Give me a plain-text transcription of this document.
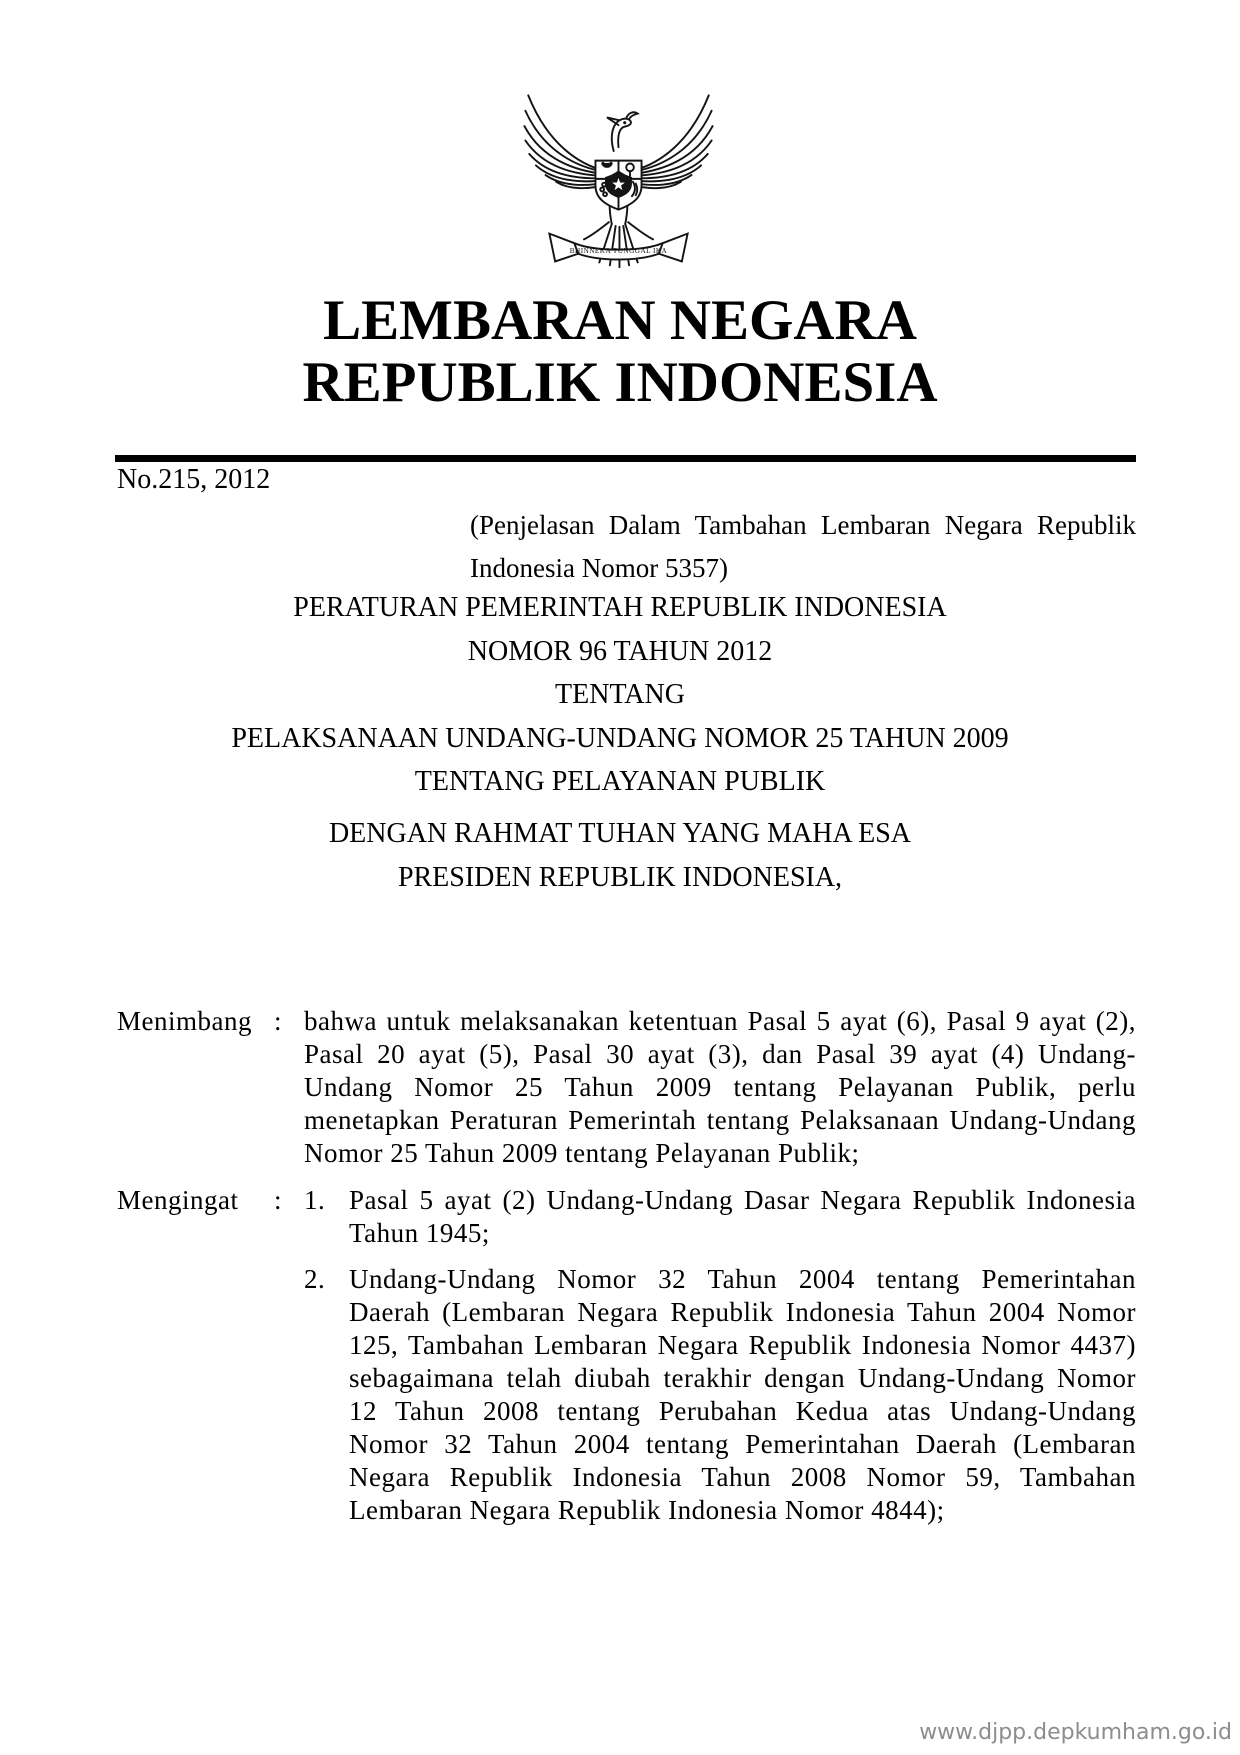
BHINNEKA TUNGGAL IKA
LEMBARAN NEGARA
REPUBLIK INDONESIA
No.215, 2012
(Penjelasan Dalam Tambahan Lembaran Negara Republik Indonesia Nomor 5357)
PERATURAN PEMERINTAH REPUBLIK INDONESIA
NOMOR 96 TAHUN 2012
TENTANG
PELAKSANAAN UNDANG-UNDANG NOMOR 25 TAHUN 2009
TENTANG PELAYANAN PUBLIK
DENGAN RAHMAT TUHAN YANG MAHA ESA
PRESIDEN REPUBLIK INDONESIA,
Menimbang : bahwa untuk melaksanakan ketentuan Pasal 5 ayat (6), Pasal 9 ayat (2), Pasal 20 ayat (5), Pasal 30 ayat (3), dan Pasal 39 ayat (4) Undang-Undang Nomor 25 Tahun 2009 tentang Pelayanan Publik, perlu menetapkan Peraturan Pemerintah tentang Pelaksanaan Undang-Undang Nomor 25 Tahun 2009 tentang Pelayanan Publik;
Mengingat : 1. Pasal 5 ayat (2) Undang-Undang Dasar Negara Republik Indonesia Tahun 1945;
2. Undang-Undang Nomor 32 Tahun 2004 tentang Pemerintahan Daerah (Lembaran Negara Republik Indonesia Tahun 2004 Nomor 125, Tambahan Lembaran Negara Republik Indonesia Nomor 4437) sebagaimana telah diubah terakhir dengan Undang-Undang Nomor 12 Tahun 2008 tentang Perubahan Kedua atas Undang-Undang Nomor 32 Tahun 2004 tentang Pemerintahan Daerah (Lembaran Negara Republik Indonesia Tahun 2008 Nomor 59, Tambahan Lembaran Negara Republik Indonesia Nomor 4844);
www.djpp.depkumham.go.id
